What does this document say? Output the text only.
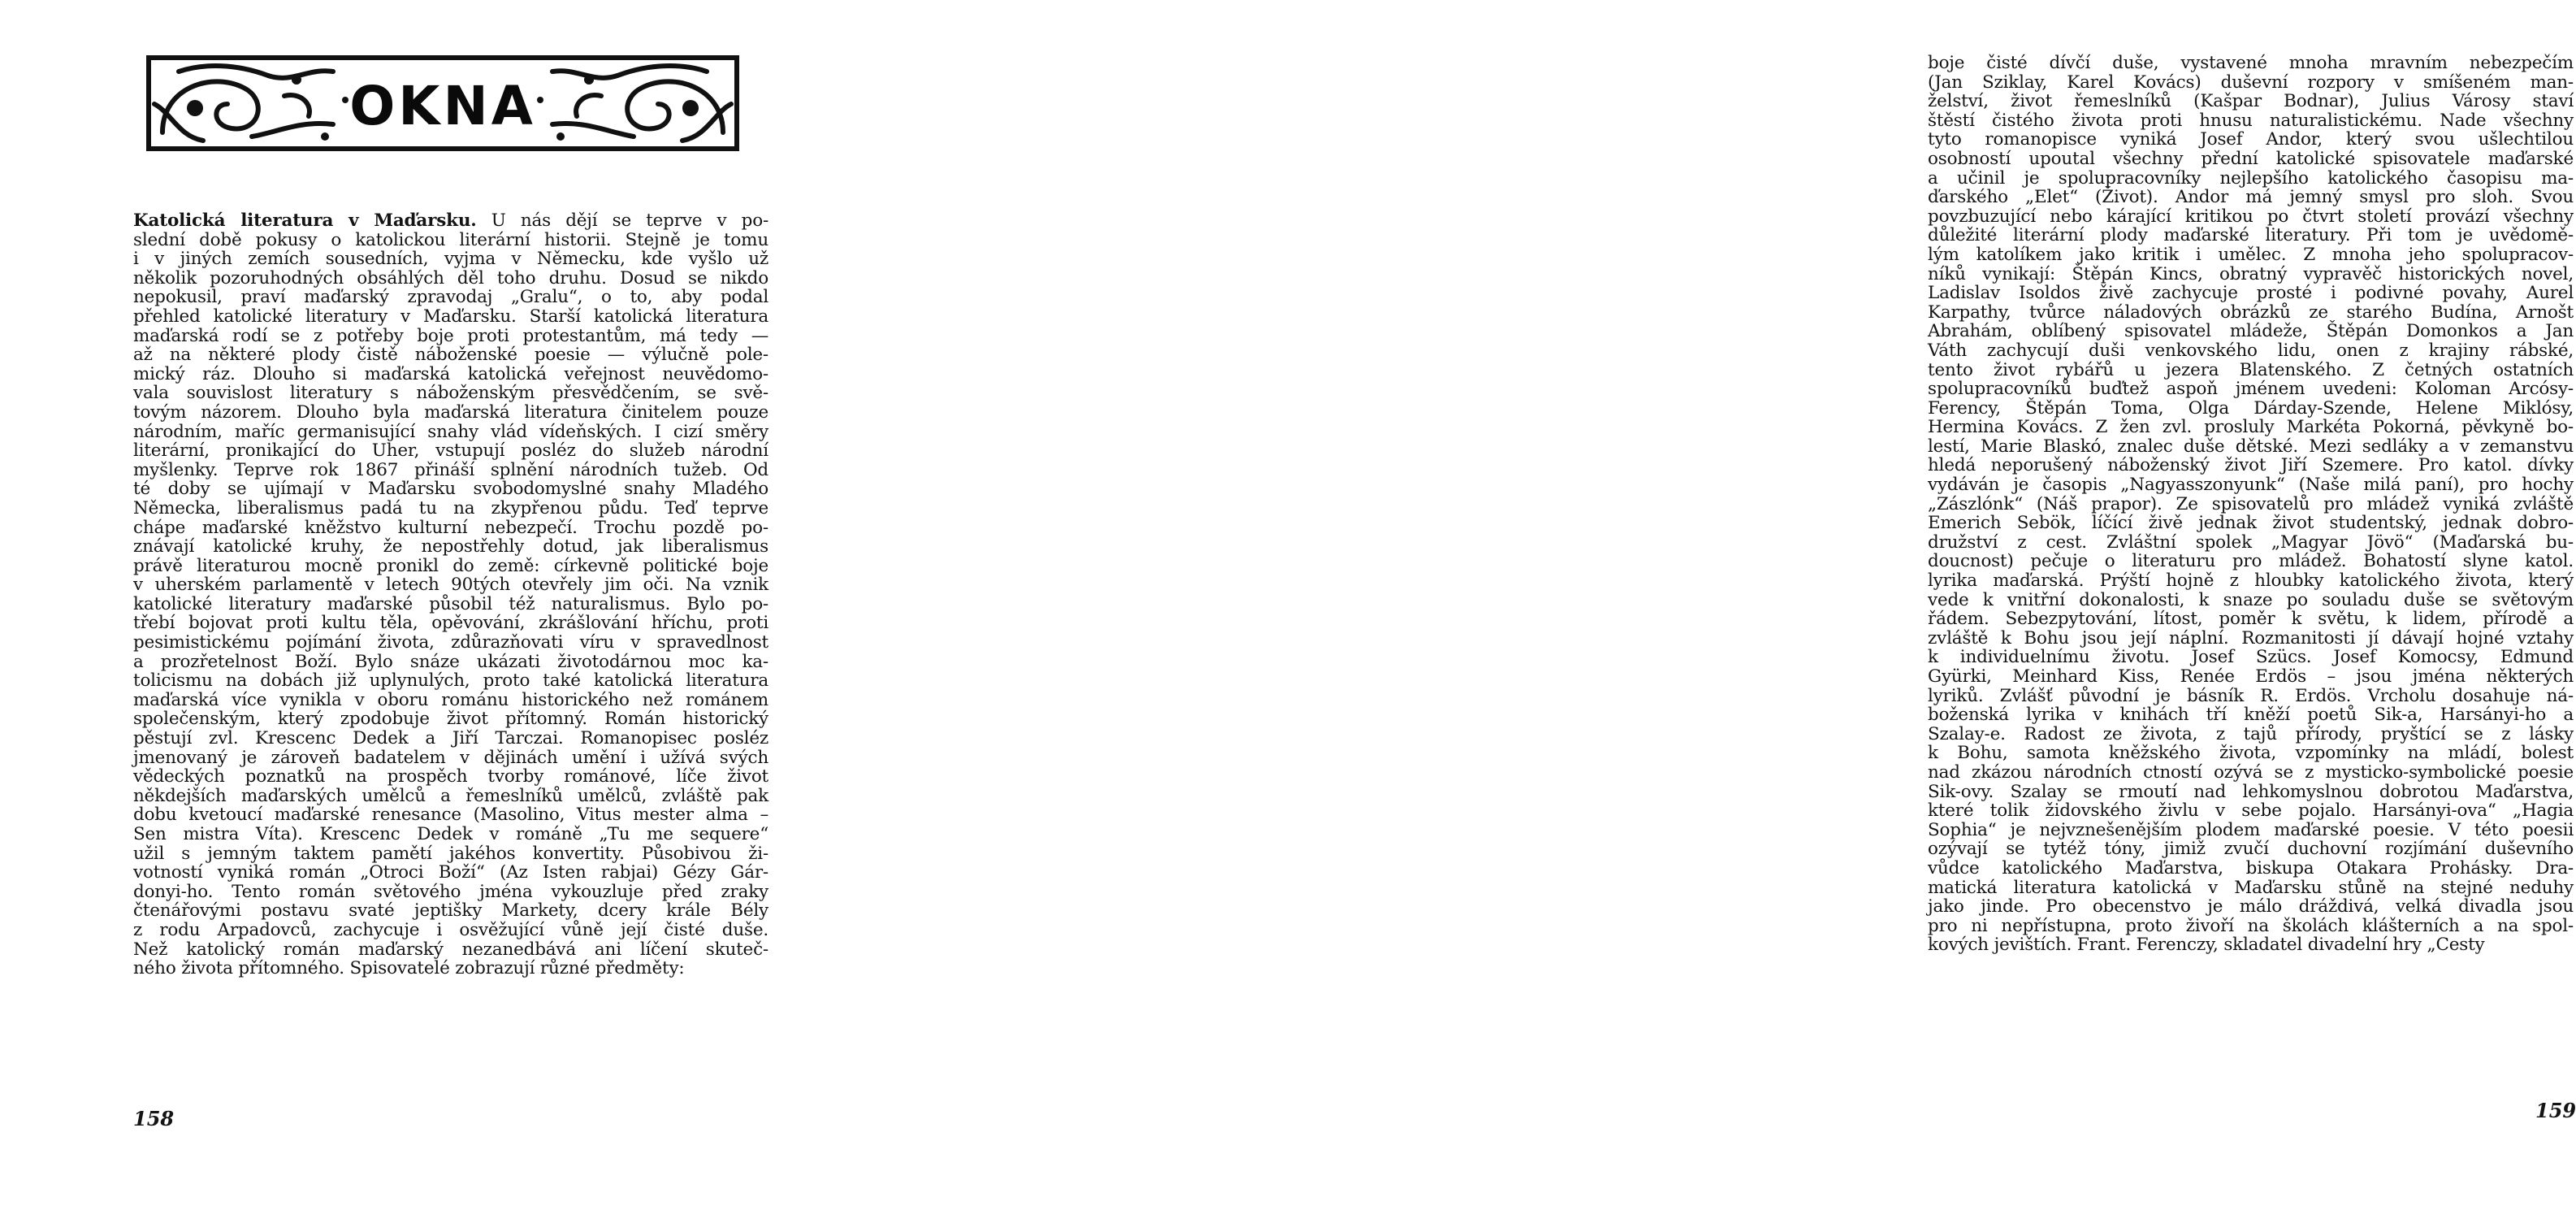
OKNA
Katolická literatura v Maďarsku. U nás dějí se teprve v po-
slední době pokusy o katolickou literární historii. Stejně je tomu
i v jiných zemích sousedních, vyjma v Německu, kde vyšlo už
několik pozoruhodných obsáhlých děl toho druhu. Dosud se nikdo
nepokusil, praví maďarský zpravodaj „Gralu“, o to, aby podal
přehled katolické literatury v Maďarsku. Starší katolická literatura
maďarská rodí se z potřeby boje proti protestantům, má tedy —
až na některé plody čistě náboženské poesie — výlučně pole-
mický ráz. Dlouho si maďarská katolická veřejnost neuvědomo-
vala souvislost literatury s náboženským přesvědčením, se svě-
tovým názorem. Dlouho byla maďarská literatura činitelem pouze
národním, maříc germanisující snahy vlád vídeňských. I cizí směry
literární, pronikající do Uher, vstupují posléz do služeb národní
myšlenky. Teprve rok 1867 přináší splnění národních tužeb. Od
té doby se ujímají v Maďarsku svobodomyslné snahy Mladého
Německa, liberalismus padá tu na zkypřenou půdu. Teď teprve
chápe maďarské kněžstvo kulturní nebezpečí. Trochu pozdě po-
znávají katolické kruhy, že nepostřehly dotud, jak liberalismus
právě literaturou mocně pronikl do země: církevně politické boje
v uherském parlamentě v letech 90tých otevřely jim oči. Na vznik
katolické literatury maďarské působil též naturalismus. Bylo po-
třebí bojovat proti kultu těla, opěvování, zkrášlování hříchu, proti
pesimistickému pojímání života, zdůrazňovati víru v spravedlnost
a prozřetelnost Boží. Bylo snáze ukázati životodárnou moc ka-
tolicismu na dobách již uplynulých, proto také katolická literatura
maďarská více vynikla v oboru románu historického než románem
společenským, který zpodobuje život přítomný. Román historický
pěstují zvl. Krescenc Dedek a Jiří Tarczai. Romanopisec posléz
jmenovaný je zároveň badatelem v dějinách umění i užívá svých
vědeckých poznatků na prospěch tvorby románové, líče život
někdejších maďarských umělců a řemeslníků umělců, zvláště pak
dobu kvetoucí maďarské renesance (Masolino, Vitus mester alma –
Sen mistra Víta). Krescenc Dedek v románě „Tu me sequere“
užil s jemným taktem pamětí jakéhos konvertity. Působivou ži-
votností vyniká román „Otroci Boží“ (Az Isten rabjai) Gézy Gár-
donyi-ho. Tento román světového jména vykouzluje před zraky
čtenářovými postavu svaté jeptišky Markety, dcery krále Bély
z rodu Arpadovců, zachycuje i osvěžující vůně její čisté duše.
Než katolický román maďarský nezanedbává ani líčení skuteč-
ného života přítomného. Spisovatelé zobrazují různé předměty:
158
boje čisté dívčí duše, vystavené mnoha mravním nebezpečím
(Jan Sziklay, Karel Kovács) duševní rozpory v smíšeném man-
želství, život řemeslníků (Kašpar Bodnar), Julius Városy staví
štěstí čistého života proti hnusu naturalistickému. Nade všechny
tyto romanopisce vyniká Josef Andor, který svou ušlechtilou
osobností upoutal všechny přední katolické spisovatele maďarské
a učinil je spolupracovníky nejlepšího katolického časopisu ma-
ďarského „Elet“ (Život). Andor má jemný smysl pro sloh. Svou
povzbuzující nebo kárající kritikou po čtvrt století provází všechny
důležité literární plody maďarské literatury. Při tom je uvědomě-
lým katolíkem jako kritik i umělec. Z mnoha jeho spolupracov-
níků vynikají: Štěpán Kincs, obratný vypravěč historických novel,
Ladislav Isoldos živě zachycuje prosté i podivné povahy, Aurel
Karpathy, tvůrce náladových obrázků ze starého Budína, Arnošt
Abrahám, oblíbený spisovatel mládeže, Štěpán Domonkos a Jan
Váth zachycují duši venkovského lidu, onen z krajiny rábské,
tento život rybářů u jezera Blatenského. Z četných ostatních
spolupracovníků buďtež aspoň jménem uvedeni: Koloman Arcósy-
Ferency, Štěpán Toma, Olga Dárday-Szende, Helene Miklósy,
Hermina Kovács. Z žen zvl. prosluly Markéta Pokorná, pěvkyně bo-
lestí, Marie Blaskó, znalec duše dětské. Mezi sedláky a v zemanstvu
hledá neporušený náboženský život Jiří Szemere. Pro katol. dívky
vydáván je časopis „Nagyasszonyunk“ (Naše milá paní), pro hochy
„Zászlónk“ (Náš prapor). Ze spisovatelů pro mládež vyniká zvláště
Emerich Sebök, líčící živě jednak život studentský, jednak dobro-
družství z cest. Zvláštní spolek „Magyar Jövö“ (Maďarská bu-
doucnost) pečuje o literaturu pro mládež. Bohatostí slyne katol.
lyrika maďarská. Prýští hojně z hloubky katolického života, který
vede k vnitřní dokonalosti, k snaze po souladu duše se světovým
řádem. Sebezpytování, lítost, poměr k světu, k lidem, přírodě a
zvláště k Bohu jsou její náplní. Rozmanitosti jí dávají hojné vztahy
k individuelnímu životu. Josef Szücs. Josef Komocsy, Edmund
Gyürki, Meinhard Kiss, Renée Erdös – jsou jména některých
lyriků. Zvlášť původní je básník R. Erdös. Vrcholu dosahuje ná-
boženská lyrika v knihách tří kněží poetů Sik-a, Harsányi-ho a
Szalay-e. Radost ze života, z tajů přírody, pryštící se z lásky
k Bohu, samota kněžského života, vzpomínky na mládí, bolest
nad zkázou národních ctností ozývá se z mysticko-symbolické poesie
Sik-ovy. Szalay se rmoutí nad lehkomyslnou dobrotou Maďarstva,
které tolik židovského živlu v sebe pojalo. Harsányi-ova“ „Hagia
Sophia“ je nejvznešenějším plodem maďarské poesie. V této poesii
ozývají se tytéž tóny, jimiž zvučí duchovní rozjímání duševního
vůdce katolického Maďarstva, biskupa Otakara Prohásky. Dra-
matická literatura katolická v Maďarsku stůně na stejné neduhy
jako jinde. Pro obecenstvo je málo dráždivá, velká divadla jsou
pro ni nepřístupna, proto živoří na školách klášterních a na spol-
kových jevištích. Frant. Ferenczy, skladatel divadelní hry „Cesty
159
